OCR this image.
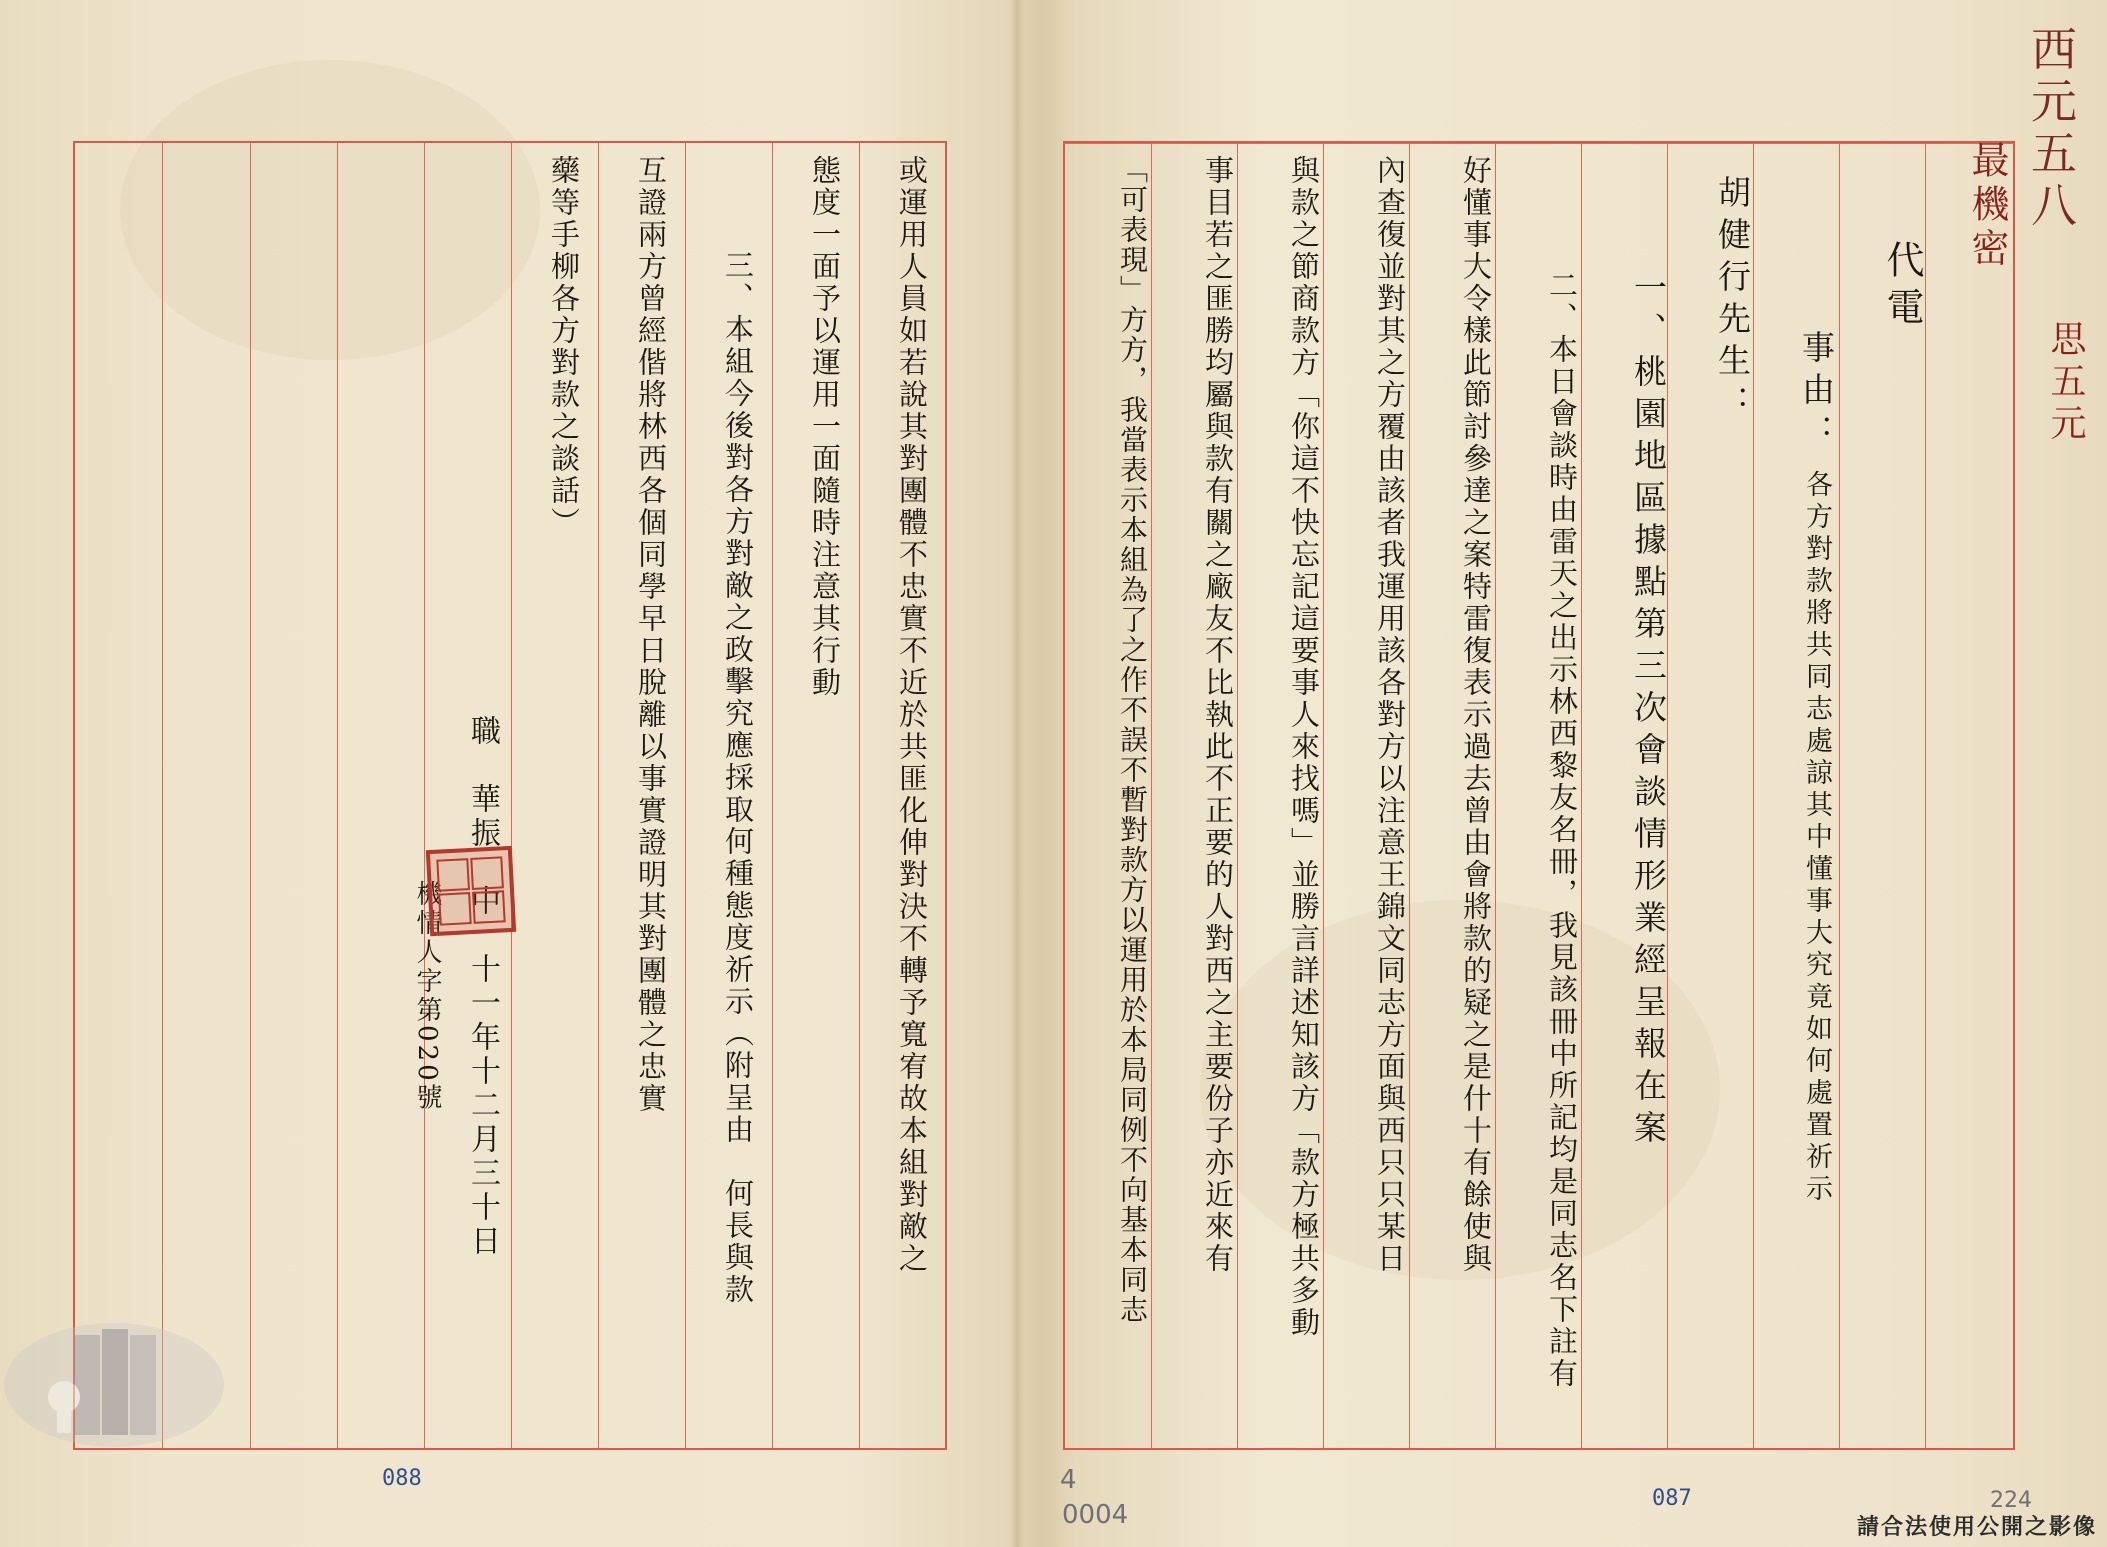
代電
事由：
各方對款將共同志處諒其中懂事大究竟如何處置祈示
胡健行先生：
一、桃園地區據點第三次會談情形業經呈報在案
二、本日會談時由雷天之出示林西黎友名冊，我見該冊中所記均是同志名下註有
好懂事大令樣此節討參達之案特雷復表示過去曾由會將款的疑之是什十有餘使與
內查復並對其之方覆由該者我運用該各對方以注意王錦文同志方面與西只只某日
與款之節商款方「你這不快忘記這要事人來找嗎」並勝言詳述知該方「款方極共多動
事目若之匪勝均屬與款有關之廠友不比執此不正要的人對西之主要份子亦近來有
「可表現」方方，我當表示本組為了之作不誤不暫對款方以運用於本局同例不向基本同志
或運用人員如若說其對團體不忠實不近於共匪化伸對決不轉予寬宥故本組對敵之
態度一面予以運用一面隨時注意其行動
三、本組今後對各方對敵之政擊究應採取何種態度祈示（附呈由　何長與款
互證兩方曾經偕將林西各個同學早日脫離以事實證明其對團體之忠實
藥等手柳各方對款之談話）
職　華振　中　十一年十二月三十日
機情人字第020號
西元五八
最機密
思五元
088
087
4
0004	224
請合法使用公開之影像
